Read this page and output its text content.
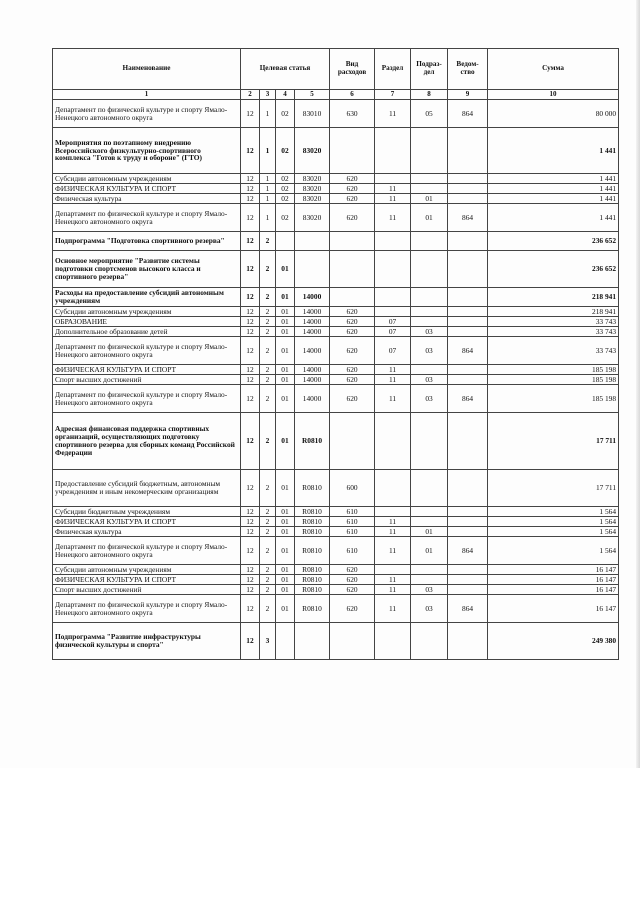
Наименование	Целевая статья				Вид расходов	Раздел	Подраз-дел	Ведом-ство	Сумма
1	2	3	4	5	6	7	8	9	10
Департамент по физической культуре и спорту Ямало-Ненецкого автономного округа	12	1	02	83010	630	11	05	864	80 000
Мероприятия по поэтапному внедрению Всероссийского физкультурно-спортивного комплекса "Готов к труду и обороне" (ГТО)	12	1	02	83020					1 441
Субсидии автономным учреждениям	12	1	02	83020	620				1 441
ФИЗИЧЕСКАЯ КУЛЬТУРА И СПОРТ	12	1	02	83020	620	11			1 441
Физическая культура	12	1	02	83020	620	11	01		1 441
Департамент по физической культуре и спорту Ямало-Ненецкого автономного округа	12	1	02	83020	620	11	01	864	1 441
Подпрограмма "Подготовка спортивного резерва"	12	2							236 652
Основное мероприятие "Развитие системы подготовки спортсменов высокого класса и спортивного резерва"	12	2	01						236 652
Расходы на предоставление субсидий автономным учреждениям	12	2	01	14000					218 941
Субсидии автономным учреждениям	12	2	01	14000	620				218 941
ОБРАЗОВАНИЕ	12	2	01	14000	620	07			33 743
Дополнительное образование детей	12	2	01	14000	620	07	03		33 743
Департамент по физической культуре и спорту Ямало-Ненецкого автономного округа	12	2	01	14000	620	07	03	864	33 743
ФИЗИЧЕСКАЯ КУЛЬТУРА И СПОРТ	12	2	01	14000	620	11			185 198
Спорт высших достижений	12	2	01	14000	620	11	03		185 198
Департамент по физической культуре и спорту Ямало-Ненецкого автономного округа	12	2	01	14000	620	11	03	864	185 198
Адресная финансовая поддержка спортивных организаций, осуществляющих подготовку спортивного резерва для сборных команд Российской Федерации	12	2	01	R0810					17 711
Предоставление субсидий бюджетным, автономным учреждениям и иным некомерческим организациям	12	2	01	R0810	600				17 711
Субсидии бюджетным учреждениям	12	2	01	R0810	610				1 564
ФИЗИЧЕСКАЯ КУЛЬТУРА И СПОРТ	12	2	01	R0810	610	11			1 564
Физическая культура	12	2	01	R0810	610	11	01		1 564
Департамент по физической культуре и спорту Ямало-Ненецкого автономного округа	12	2	01	R0810	610	11	01	864	1 564
Субсидии автономным учреждениям	12	2	01	R0810	620				16 147
ФИЗИЧЕСКАЯ КУЛЬТУРА И СПОРТ	12	2	01	R0810	620	11			16 147
Спорт высших достижений	12	2	01	R0810	620	11	03		16 147
Департамент по физической культуре и спорту Ямало-Ненецкого автономного округа	12	2	01	R0810	620	11	03	864	16 147
Подпрограмма "Развитие инфраструктуры физической культуры и спорта"	12	3							249 380
